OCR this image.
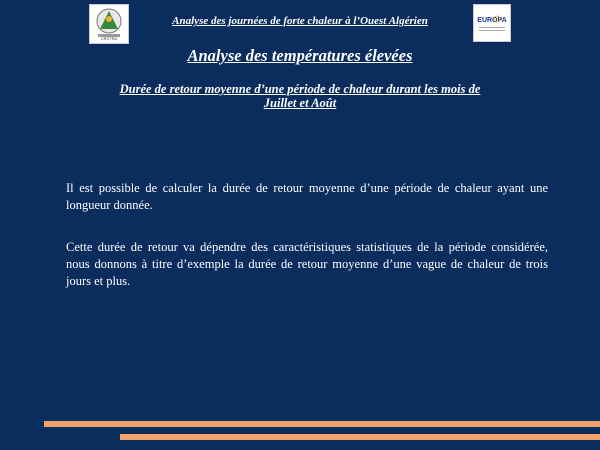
CRSTRA
Analyse des journées de forte chaleur à l’Ouest Algérien	EUROPA
Analyse des températures élevées
Durée de retour moyenne d’une période de chaleur durant les mois de
Juillet et Août
Il est possible de calculer la durée de retour moyenne d’une période de chaleur ayant une longueur donnée.
Cette durée de retour va dépendre des caractéristiques statistiques de la période considérée, nous donnons à titre d’exemple la durée de retour moyenne d’une vague de chaleur de trois jours et plus.
